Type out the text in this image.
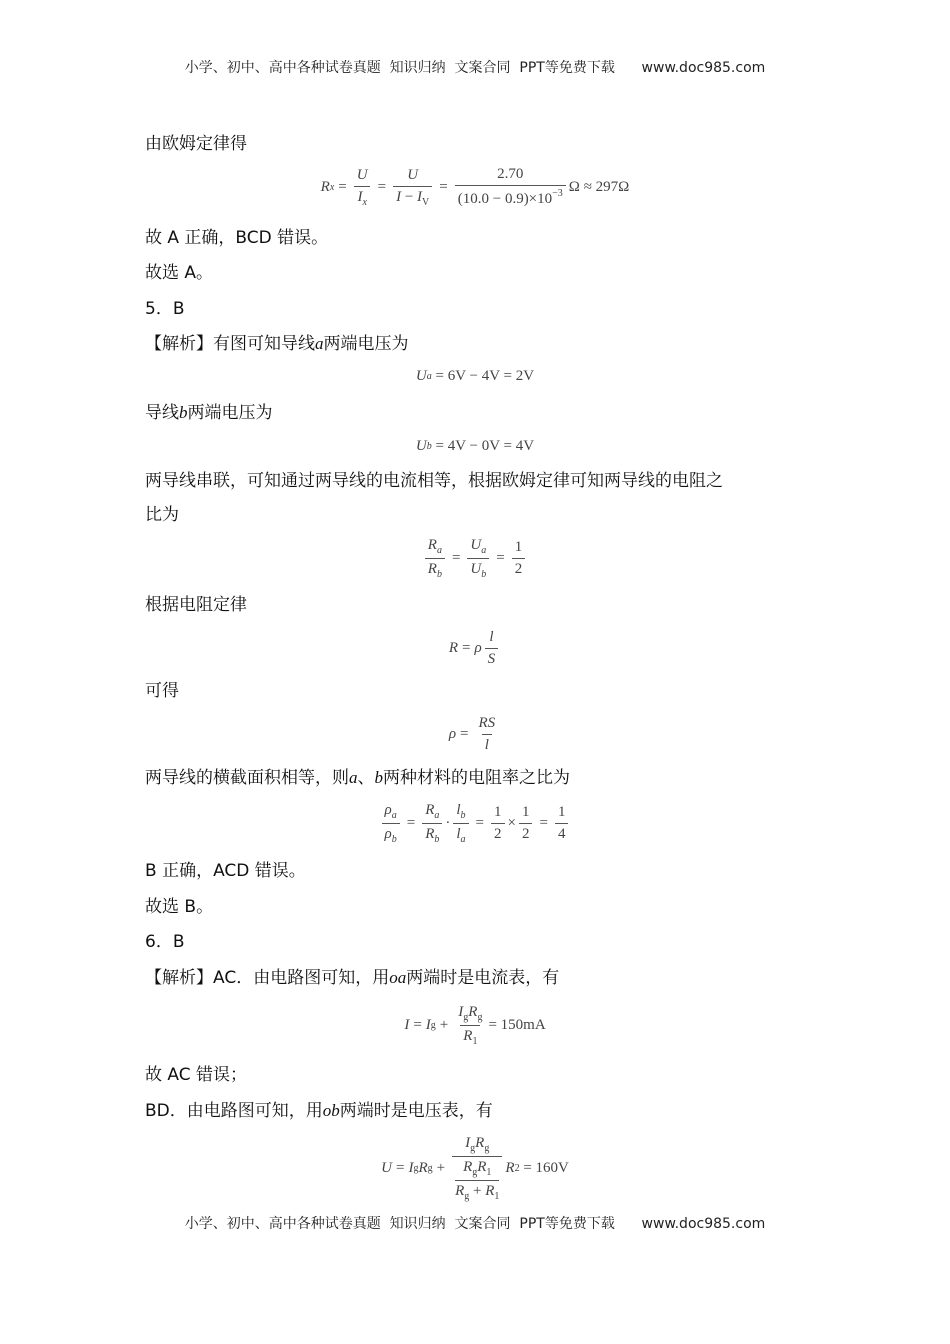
小学、初中、高中各种试卷真题  知识归纳  文案合同  PPT等免费下载      www.doc985.com
由欧姆定律得
R $x = \frac{U}{I_x} = \frac{U}{I - I_V} = \frac{2.70}{(10.0 - 0.9)\times 10^{-3}}$ Ω ≈ 297Ω
故 A 正确，BCD 错误。
故选 A。
5．B
【解析】有图可知导线a两端电压为
U a
= 6V − 4V = 2V
导线b两端电压为
U b
= 4V − 0V = 4V
两导线串联，可知通过两导线的电流相等，根据欧姆定律可知两导线的电阻之
比为
$\frac{R_a}{R_b} = \frac{U_a}{U_b} = \frac{1}{2}$
根据电阻定律
R = ρ $\frac{l}{S}$
可得
$\rho = \frac{RS}{l}$
两导线的横截面积相等，则a、b两种材料的电阻率之比为
$\frac{\rho_a}{\rho_b} = \frac{R_a}{R_b} \cdot \frac{l_b}{l_a} = \frac{1}{2} \times \frac{1}{2} = \frac{1}{4}$
B 正确，ACD 错误。
故选 B。
6．B
【解析】AC．由电路图可知，用oa两端时是电流表，有
I = I $g + \frac{I_gR_g}{R_1} = 150mA$
故 AC 错误；
BD．由电路图可知，用ob两端时是电压表，有
U = I g R $g + I_gR_g$
$R_gR_1$
$R_g + R_1$ R 2
= 160V
小学、初中、高中各种试卷真题  知识归纳  文案合同  PPT等免费下载      www.doc985.com
